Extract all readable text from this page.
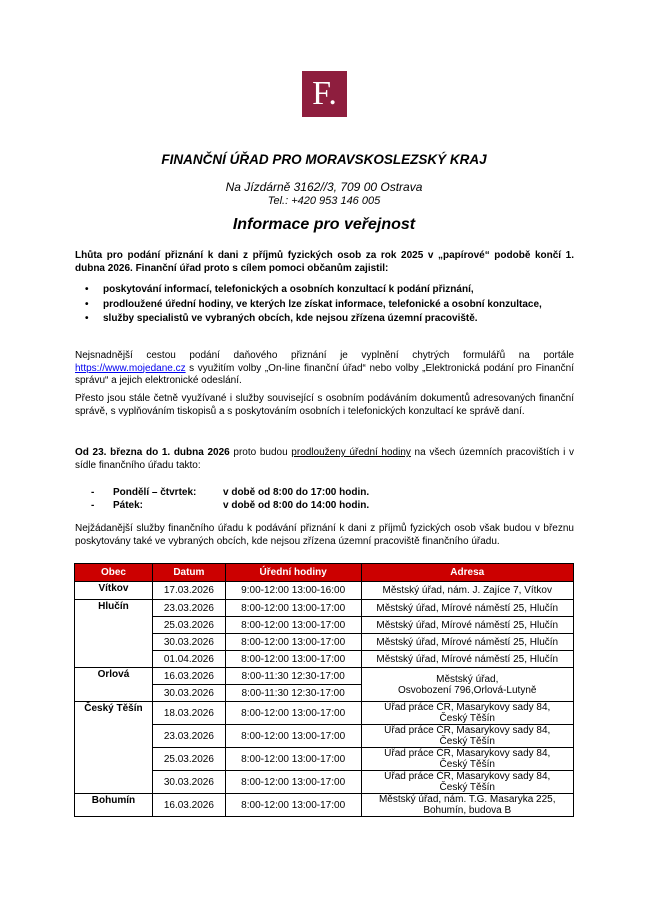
F.
FINANČNÍ ÚŘAD PRO MORAVSKOSLEZSKÝ KRAJ
Na Jízdárně 3162//3, 709 00 Ostrava
Tel.: +420 953 146 005
Informace pro veřejnost
Lhůta pro podání přiznání k dani z příjmů fyzických osob za rok 2025 v „papírové“ podobě končí 1. dubna 2026. Finanční úřad proto s cílem pomoci občanům zajistil:
• poskytování informací, telefonických a osobních konzultací k podání přiznání,
• prodloužené úřední hodiny, ve kterých lze získat informace, telefonické a osobní konzultace,
• služby specialistů ve vybraných obcích, kde nejsou zřízena územní pracoviště.
Nejsnadnější cestou podání daňového přiznání je vyplnění chytrých formulářů na portále https://www.mojedane.cz s využitím volby „On-line finanční úřad“ nebo volby „Elektronická podání pro Finanční správu“ a jejich elektronické odeslání.
Přesto jsou stále četně využívané i služby související s osobním podáváním dokumentů adresovaných finanční správě, s vyplňováním tiskopisů a s poskytováním osobních i telefonických konzultací ke správě daní.
Od 23. března do 1. dubna 2026 proto budou prodlouženy úřední hodiny na všech územních pracovištích i v sídle finančního úřadu takto:
-	Pondělí – čtvrtek:	v době od 8:00 do 17:00 hodin.
-	Pátek:	v době od 8:00 do 14:00 hodin.
Nejžádanější služby finančního úřadu k podávání přiznání k dani z příjmů fyzických osob však budou v březnu poskytovány také ve vybraných obcích, kde nejsou zřízena územní pracoviště finančního úřadu.
Obec	Datum	Úřední hodiny	Adresa
Vítkov	17.03.2026	9:00-12:00 13:00-16:00	Městský úřad, nám. J. Zajíce 7, Vítkov
Hlučín	23.03.2026	8:00-12:00 13:00-17:00	Městský úřad, Mírové náměstí 25, Hlučín
	25.03.2026	8:00-12:00 13:00-17:00	Městský úřad, Mírové náměstí 25, Hlučín
	30.03.2026	8:00-12:00 13:00-17:00	Městský úřad, Mírové náměstí 25, Hlučín
	01.04.2026	8:00-12:00 13:00-17:00	Městský úřad, Mírové náměstí 25, Hlučín
Orlová	16.03.2026	8:00-11:30 12:30-17:00	Městský úřad,
Osvobození 796,Orlová-Lutyně
	30.03.2026	8:00-11:30 12:30-17:00	
Český Těšín	18.03.2026	8:00-12:00 13:00-17:00	Úřad práce ČR, Masarykovy sady 84,
Český Těšín
	23.03.2026	8:00-12:00 13:00-17:00	Úřad práce ČR, Masarykovy sady 84,
Český Těšín
	25.03.2026	8:00-12:00 13:00-17:00	Úřad práce ČR, Masarykovy sady 84,
Český Těšín
	30.03.2026	8:00-12:00 13:00-17:00	Úřad práce ČR, Masarykovy sady 84,
Český Těšín
Bohumín	16.03.2026	8:00-12:00 13:00-17:00	Městský úřad, nám. T.G. Masaryka 225,
Bohumín, budova B
